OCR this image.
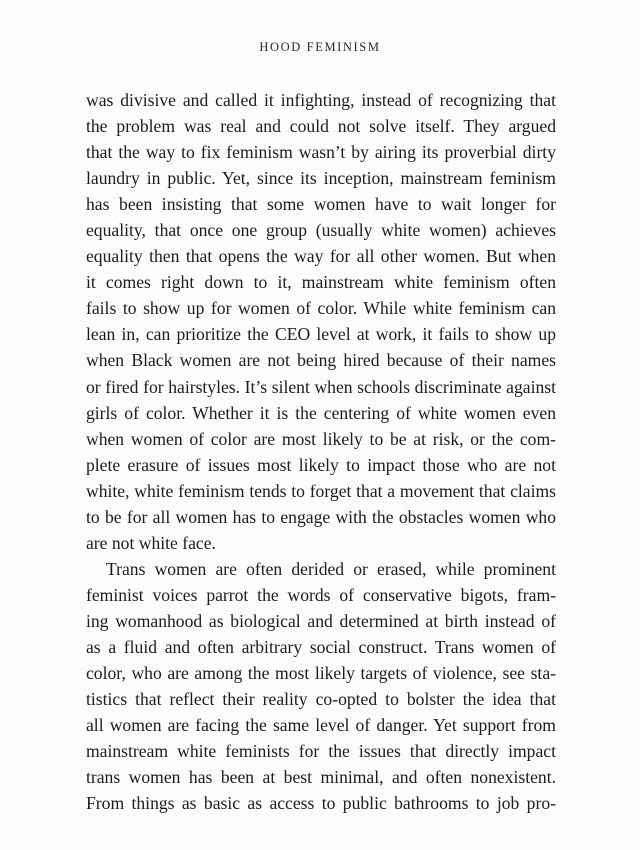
HOOD FEMINISM
was divisive and called it infighting, instead of recognizing that
the problem was real and could not solve itself. They argued
that the way to fix feminism wasn’t by airing its proverbial dirty
laundry in public. Yet, since its inception, mainstream feminism
has been insisting that some women have to wait longer for
equality, that once one group (usually white women) achieves
equality then that opens the way for all other women. But when
it comes right down to it, mainstream white feminism often
fails to show up for women of color. While white feminism can
lean in, can prioritize the CEO level at work, it fails to show up
when Black women are not being hired because of their names
or fired for hairstyles. It’s silent when schools discriminate against
girls of color. Whether it is the centering of white women even
when women of color are most likely to be at risk, or the com-
plete erasure of issues most likely to impact those who are not
white, white feminism tends to forget that a movement that claims
to be for all women has to engage with the obstacles women who
are not white face.
Trans women are often derided or erased, while prominent
feminist voices parrot the words of conservative bigots, fram-
ing womanhood as biological and determined at birth instead of
as a fluid and often arbitrary social construct. Trans women of
color, who are among the most likely targets of violence, see sta-
tistics that reflect their reality co-opted to bolster the idea that
all women are facing the same level of danger. Yet support from
mainstream white feminists for the issues that directly impact
trans women has been at best minimal, and often nonexistent.
From things as basic as access to public bathrooms to job pro-
